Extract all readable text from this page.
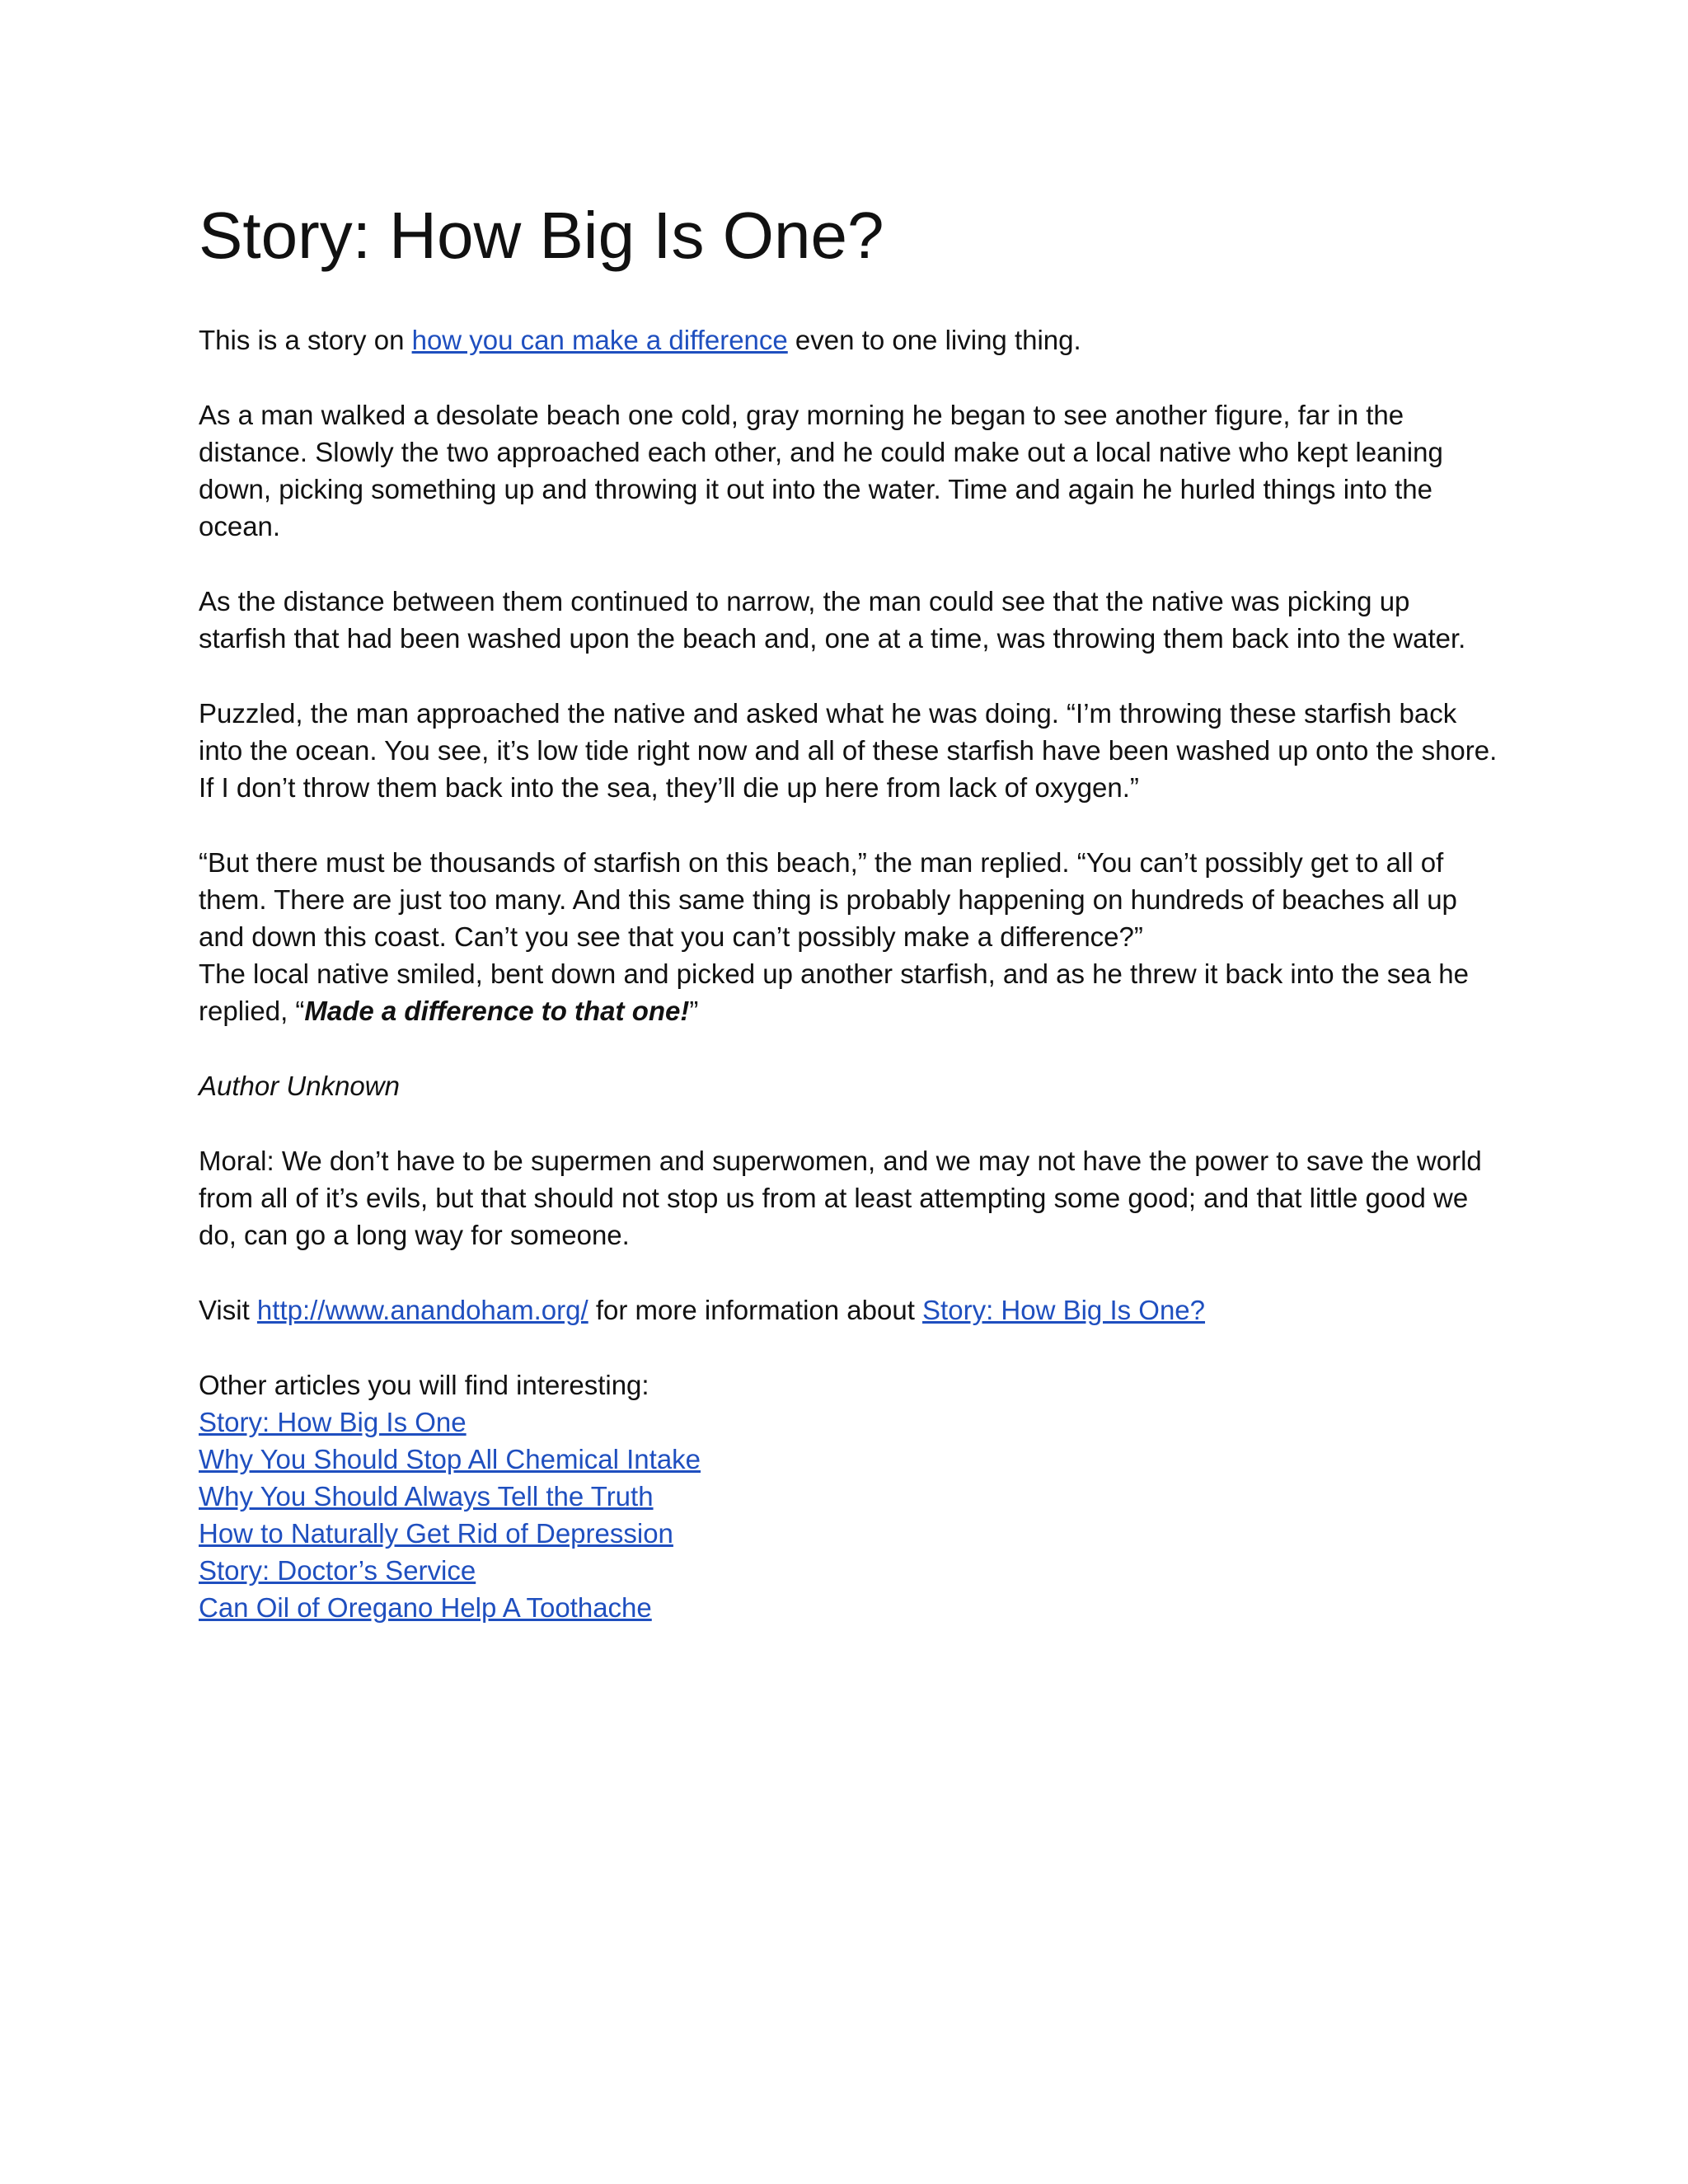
Story: How Big Is One?

This is a story on how you can make a difference even to one living thing.

As a man walked a desolate beach one cold, gray morning he began to see another figure, far in the distance. Slowly the two approached each other, and he could make out a local native who kept leaning down, picking something up and throwing it out into the water. Time and again he hurled things into the ocean.

As the distance between them continued to narrow, the man could see that the native was picking up starfish that had been washed upon the beach and, one at a time, was throwing them back into the water.

Puzzled, the man approached the native and asked what he was doing. “I’m throwing these starfish back into the ocean. You see, it’s low tide right now and all of these starfish have been washed up onto the shore. If I don’t throw them back into the sea, they’ll die up here from lack of oxygen.”

“But there must be thousands of starfish on this beach,” the man replied. “You can’t possibly get to all of them. There are just too many. And this same thing is probably happening on hundreds of beaches all up and down this coast. Can’t you see that you can’t possibly make a difference?”

The local native smiled, bent down and picked up another starfish, and as he threw it back into the sea he replied, “Made a difference to that one!”

Author Unknown

Moral: We don’t have to be supermen and superwomen, and we may not have the power to save the world from all of it’s evils, but that should not stop us from at least attempting some good; and that little good we do, can go a long way for someone.

Visit http://www.anandoham.org/ for more information about Story: How Big Is One?

Other articles you will find interesting:
Story: How Big Is One
Why You Should Stop All Chemical Intake
Why You Should Always Tell the Truth
How to Naturally Get Rid of Depression
Story: Doctor’s Service
Can Oil of Oregano Help A Toothache
